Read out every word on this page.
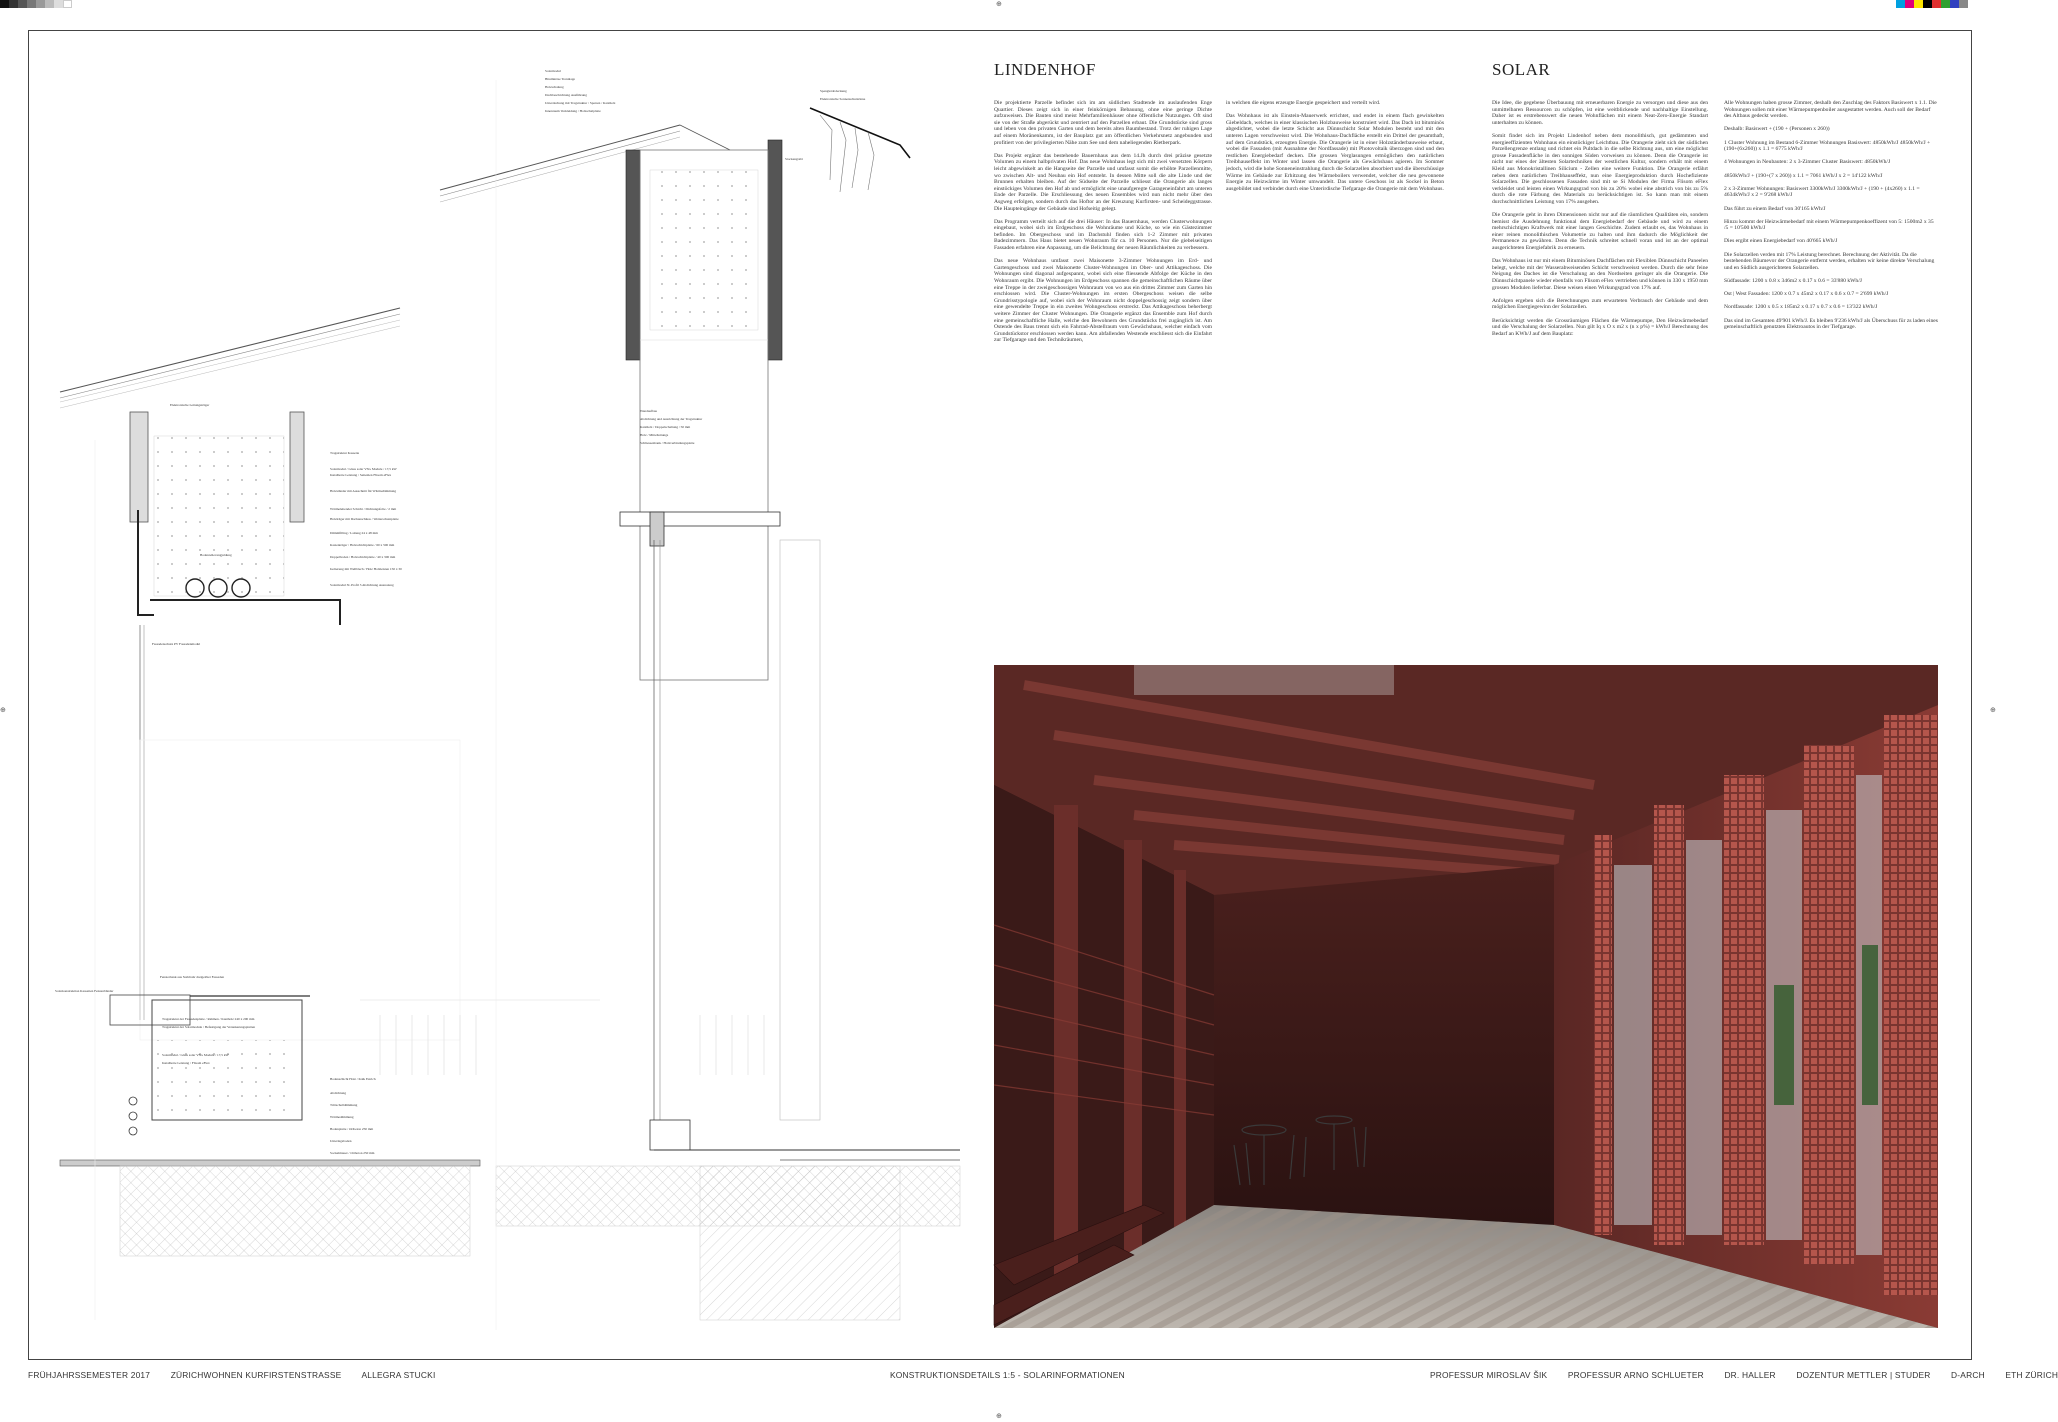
⊕
⊕	⊕
⊕
Elektronische Leitungsträger
Tragstruktur Kassette
Solarmodul / Glass solar VSG Module / 17,5 kW
Installierte Leistung / Seitenlen Flisom eFlex
Holzständer mit Ausschnitt für Wärmedämmung
Wärmeleitender Schicht / Dichtungsfolie / 2 mm
Holzträger mit Dachanschluss / Wetterschutzplatte
Dämmfilling / Lattung 24 x 48 mm
Kastenträger / Holzschichtplatte / 60 x 500 mm
Doppelboden / Holzschichtplatte / 40 x 300 mm
Isolierung mit Wellblech / Holz Holzleisten 150 x 30
Solarmodul 3L Profil 3 Abdichtung Ausnotung
Bodenrelievengjaldung
Fassadenschutz PV Fassadenmodul
Solarkonstruktion Kassetten Fensterbänder
Fensterbank aus Stahlrohr dreigelötet Fassaden
Tragstruktur der Fassadenplatte / Rahmen / Kantholz 240 x 200 mm
Tragstruktur der Solarmodule / Befestigung der Verankerungsplatten
Solarmodul / Glass solar VSG Module / 17,5 kW
Installierte Leistung / Flisom eFlex
Bodenschicht Holz / Kalk Estrich
Abdichtung
Trittschalldämmung
Wärmedämmung
Bodenplatte / Ortbeton 250 mm
Unterlagsboden
Sockelmauer / Ortbeton 250 mm
Solarmodul
Bituminöse Trennlage
Holzschalung
Dachbeschichtung Ausführung
Unterdachung mit Tragstruktur / Sparren / Kantholz
Innenraum Verkleidung / Holzschalplatte
Spenglerabdeckung
Elektronische Sonnenschutzrinne
Stockengrabt
Wandaufbau
Abdichtung und Ausrichtung der Tragstruktur
Kantholz / Doppelschaltung / 50 mm
Holz / Mittelleitungs
Schliessenbank / Holzverbindungsplatte
LINDENHOF

Die projektierte Parzelle befindet sich im am südlichen Stadtende im auslaufenden Enge Quartier. Dieses zeigt sich in einer feinkörnigen Bebauung, ohne eine geringe Dichte aufzuweisen. Die Bauten sind meist Mehrfamilienhäuser ohne öffentliche Nutzungen. Oft sind sie von der Straße abgerückt und zentriert auf den Parzellen erbaut. Die Grundstücke sind gross und leben von den privaten Garten und dem bereits alten Baumbestand. Trotz der ruhigen Lage auf einem Moränenkamm, ist der Bauplatz gut am öffentlichen Verkehrsnetz angebunden und profitiert von der privilegierten Nähe zum See und dem naheliegenden Rietberpark.

Das Projekt ergänzt das bestehende Bauernhaus aus dem 14.Jh durch drei präzise gesetzte Volumen zu einem halbprivaten Hof. Das neue Wohnhaus legt sich mit zwei versetzten Körpern leicht abgewinkelt an die Hangseite der Parzelle und umfasst somit die erhöhte Parzellenmitte, wo zwischen Alt- und Neubau ein Hof entsteht. In dessen Mitte soll die alte Linde und der Brunnen erhalten bleiben. Auf der Südseite der Parzelle schliesst die Orangerie als langes einstöckiges Volumen den Hof ab und ermöglicht eine unaufgeregte Garageneinfahrt am unteren Ende der Parzelle. Die Erschliessung des neuen Ensembles wird nun nicht mehr über den Asgweg erfolgen, sondern durch das Hoftor an der Kreuzung Kurfirsten- und Scheideggstrasse. Die Haupteingänge der Gebäude sind Hofseitig gelegt.

Das Programm verteilt sich auf die drei Häuser: In das Bauernhaus, werden Clusterwohnungen eingebaut, wobei sich im Erdgeschoss die Wohnräume und Küche, so wie ein Gästezimmer befinden. Im Obergeschoss und im Dachstuhl finden sich 1-2 Zimmer mit privaten Badezimmern. Das Haus bietet neuen Wohnraum für ca. 10 Personen. Nur die giebelseitigen Fassaden erfahren eine Anpassung, um die Belichtung der neuen Räumlichkeiten zu verbessern.

Das neue Wohnhaus umfasst zwei Maisonette 3-Zimmer Wohnungen im Erd- und Gartengeschoss und zwei Maisonette Cluster-Wohnungen im Ober- und Attikageschoss. Die Wohnungen sind diagonal aufgespannt, wobei sich eine fliessende Abfolge der Küche in den Wohnraum ergibt. Die Wohnungen im Erdgeschoss spannen die gemeinschaftlichen Räume über eine Treppe in der zweigeschossigen Wohnraum von wo aus ein drittes Zimmer zum Garten hin erschlossen wird. Die Cluster-Wohnungen im ersten Obergeschoss weisen die selbe Grundrisstypologie auf, wobei sich der Wohnraum nicht doppelgeschossig zeigt sondern über eine gewendelte Treppe in ein zweites Wohngeschoss erstreckt. Das Attikageschoss beherbergt weitere Zimmer der Cluster Wohnungen. Die Orangerie ergänzt das Ensemble zum Hof durch eine gemeinschaftliche Halle, welche den Bewohnern des Grundstücks frei zugänglich ist. Am Ostende des Baus trennt sich ein Fahrrad-Abstellraum vom Gewächshaus, welcher einfach vom Grundstückstor erschlossen werden kann. Am abfallenden Westende erschliesst sich die Einfahrt zur Tiefgarage und den Technikräumen,

in welchen die eigens erzeugte Energie gespeichert und verteilt wird.

Das Wohnhaus ist als Einstein-Mauerwerk errichtet, und endet in einem flach gewinkelten Giebeldach, welches in einer klassischen Holzbauweise konstruiert wird. Das Dach ist bituminös abgedichtet, wobei die letzte Schicht aus Dünnschicht Solar Modulen besteht und mit den unteren Lagen verschweisst wird. Die Wohnhaus-Dachfläche erstellt ein Drittel der gesamthaft, auf dem Grundstück, erzeugten Energie. Die Orangerie ist in einer Holzständerbauweise erbaut, wobei die Fassaden (mit Ausnahme der Nordfassade) mit Photovoltaik überzogen sind und den restlichen Energiebedarf decken. Die grossen Verglasungen ermöglichen den natürlichen Treibhauseffekt im Winter und lassen die Orangerie als Gewächshaus agieren. Im Sommer jedoch, wird die hohe Sonneneinstrahlung durch die Solarzellen absorbiert und die überschüssige Wärme im Gebäude zur Erhitzung des Wärmeboilers verwendet, welcher die neu gewonnene Energie zu Heizwärme im Winter umwandelt. Das untere Geschoss ist als Sockel in Beton ausgebildet und verbindet durch eine Unterirdische Tiefgarage die Orangerie mit dem Wohnhaus.

SOLAR

Die Idee, die gegebene Überbauung mit erneuerbaren Energie zu versorgen und diese aus den unmittelbaren Ressourcen zu schöpfen, ist eine weitblickende und nachhaltige Einstellung. Daher ist es erstrebenswert die neuen Wohnflächen mit einem Neat-Zero-Energie Standart unterhalten zu können.

Somit findet sich im Projekt Lindenhof neben dem monolithisch, gut gedämmten und energieeffizienten Wohnhaus ein einstöckiger Leichtbau. Die Orangerie zieht sich der südlichen Parzellengrenze entlang und richtet ein Pultdach in die selbe Richtung aus, um eine möglichst grosse Fassadenfläche in den sonnigen Süden vorweisen zu können. Denn die Orangerie ist nicht nur eines der ältesten Solartechniken der westlichen Kultur, sondern erhält mit einem Kleid aus Monokristallinen Silicium - Zellen eine weitere Funktion. Die Orangerie erfährt neben dem natürlichen Treibhauseffekt, nun eine Energieproduktion durch Hochefiziente Solarzellen. Die geschlossenen Fassaden sind mit se Si Modulen der Firma Flisom eFlex verkleidet und leisten einen Wirkungsgrad von bis zu 20% wobei eine abstrich von bis zu 5% durch die rote Färbung des Materials zu berücksichtigen ist. So kann man mit einem durchschnittlichen Leistung von 17% ausgehen.

Die Orangerie geht in ihren Dimensionen nicht nur auf die räumlichen Qualitäten ein, sondern bemisst die Ausdehnung funktional dem Energiebedarf der Gebäude und wird zu einem mehrschichtigen Kraftwerk mit einer langen Geschichte. Zudem erlaubt es, das Wohnhaus in einer reinen monolithischen Volumetrie zu halten und ihm dadurch die Möglichkeit der Permanence zu gewähren. Denn die Technik schreitet schnell voran und ist an der optimal ausgerichteten Energiefabrik zu erneuern.

Das Wohnhaus ist nur mit einem Bituminösen Dachflächen mit Flexiblen Dünnschicht Paneelen belegt, welche mit der Wasserabweisenden Schicht verschweisst werden. Durch die sehr feine Neigung des Daches ist die Verschalung an den Nordseiten geringer als die Orangerie. Die Dünnschichtpanele wieder ebenfalls von Flisom eFlex vertrieben und können in 330 x 1950 mm grossen Modulen lieferbar. Diese weisen einen Wirkungsgrad von 17% auf.

Anfolgen ergeben sich die Berechnungen zum erwarteten Verbrauch der Gebäude und dem möglichen Energiegewinn der Solarzellen.

Berücksichtigt werden die Grossräumigen Flächen die Wärmepumpe, Den Heizwärmebedarf und die Verschalung der Solarzellen. Nun gilt Iq x O x m2 x (n x p%) = kWh/J Berechnung des Bedarf an KWh/J auf dem Bauplatz:

Alle Wohnungen haben grosse Zimmer, deshalb den Zuschlag des Faktors Basiswert x 1.1. Die Wohnungen sollen mit einer Wärmepumpenboiler ausgestattet werden. Auch soll der Bedarf des Altbaus gedeckt werden.

Deshalb: Basiswert + (190 + (Personen x 260))

1 Cluster Wohnung im Bestand 6-Zimmer Wohnungen Basiswert: 4850kWh/J 4850kWh/J + (190+(6x260)) x 1.1 = 6775 kWh/J

4 Wohnungen in Neubauten: 2 x 3-Zimmer Cluster Basiswert: 4850kWh/J

4850kWh/J + (190+(7 x 260)) x 1.1 = 7061 kWh/J x 2 = 14'122 kWh/J

2 x 3-Zimmer Wohnungen: Basiswert 3300kWh/J 3300kWh/J + (190 + (4x260) x 1.1 = 4634kWh/J x 2 = 9'268 kWh/J

Das führt zu einem Bedarf von 30'165 kWh/J

Hinzu kommt der Heizwärmebedarf mit einem Wärmepumpenkoeffizent von 5: 1500m2 x 35 /5 = 10'500 kWh/J

Dies ergibt einen Energiebedarf von 40'665 kWh/J

Die Solarzellen verden mit 17% Leistung berechnet. Berechnung der Aktivität. Da die bestehenden Bäumevor der Orangerie entfernt werden, erhalten wir keine direkte Verschalung und en Südlich ausgerichteten Solarzellen.

Südfassade: 1200 x 0.8 x 346m2 x 0.17 x 0.6 = 33'880 kWh/J

Ost | West Fassaden: 1200 x 0.7 x 45m2 x 0.17 x 0.6 x 0.7 = 2'699 kWh/J

Nordfassade: 1200 x 0.5 x 185m2 x 0.17 x 0.7 x 0.6 = 13'322 kWh/J

Das sind im Gesamten 49'901 kWh/J. Es bleiben 9'236 kWh/J als Überschuss für zs laden eines gemeinschaftlich genutzten Elektroautos in der Tiefgarage.

FRÜHJAHRSSEMESTER 2017 ZÜRICHWOHNEN KURFIRSTENSTRASSE ALLEGRA STUCKI	KONSTRUKTIONSDETAILS 1:5 - SOLARINFORMATIONEN	PROFESSUR MIROSLAV ŠIK PROFESSUR ARNO SCHLUETER DR. HALLER DOZENTUR METTLER | STUDER D-ARCH ETH ZÜRICH
